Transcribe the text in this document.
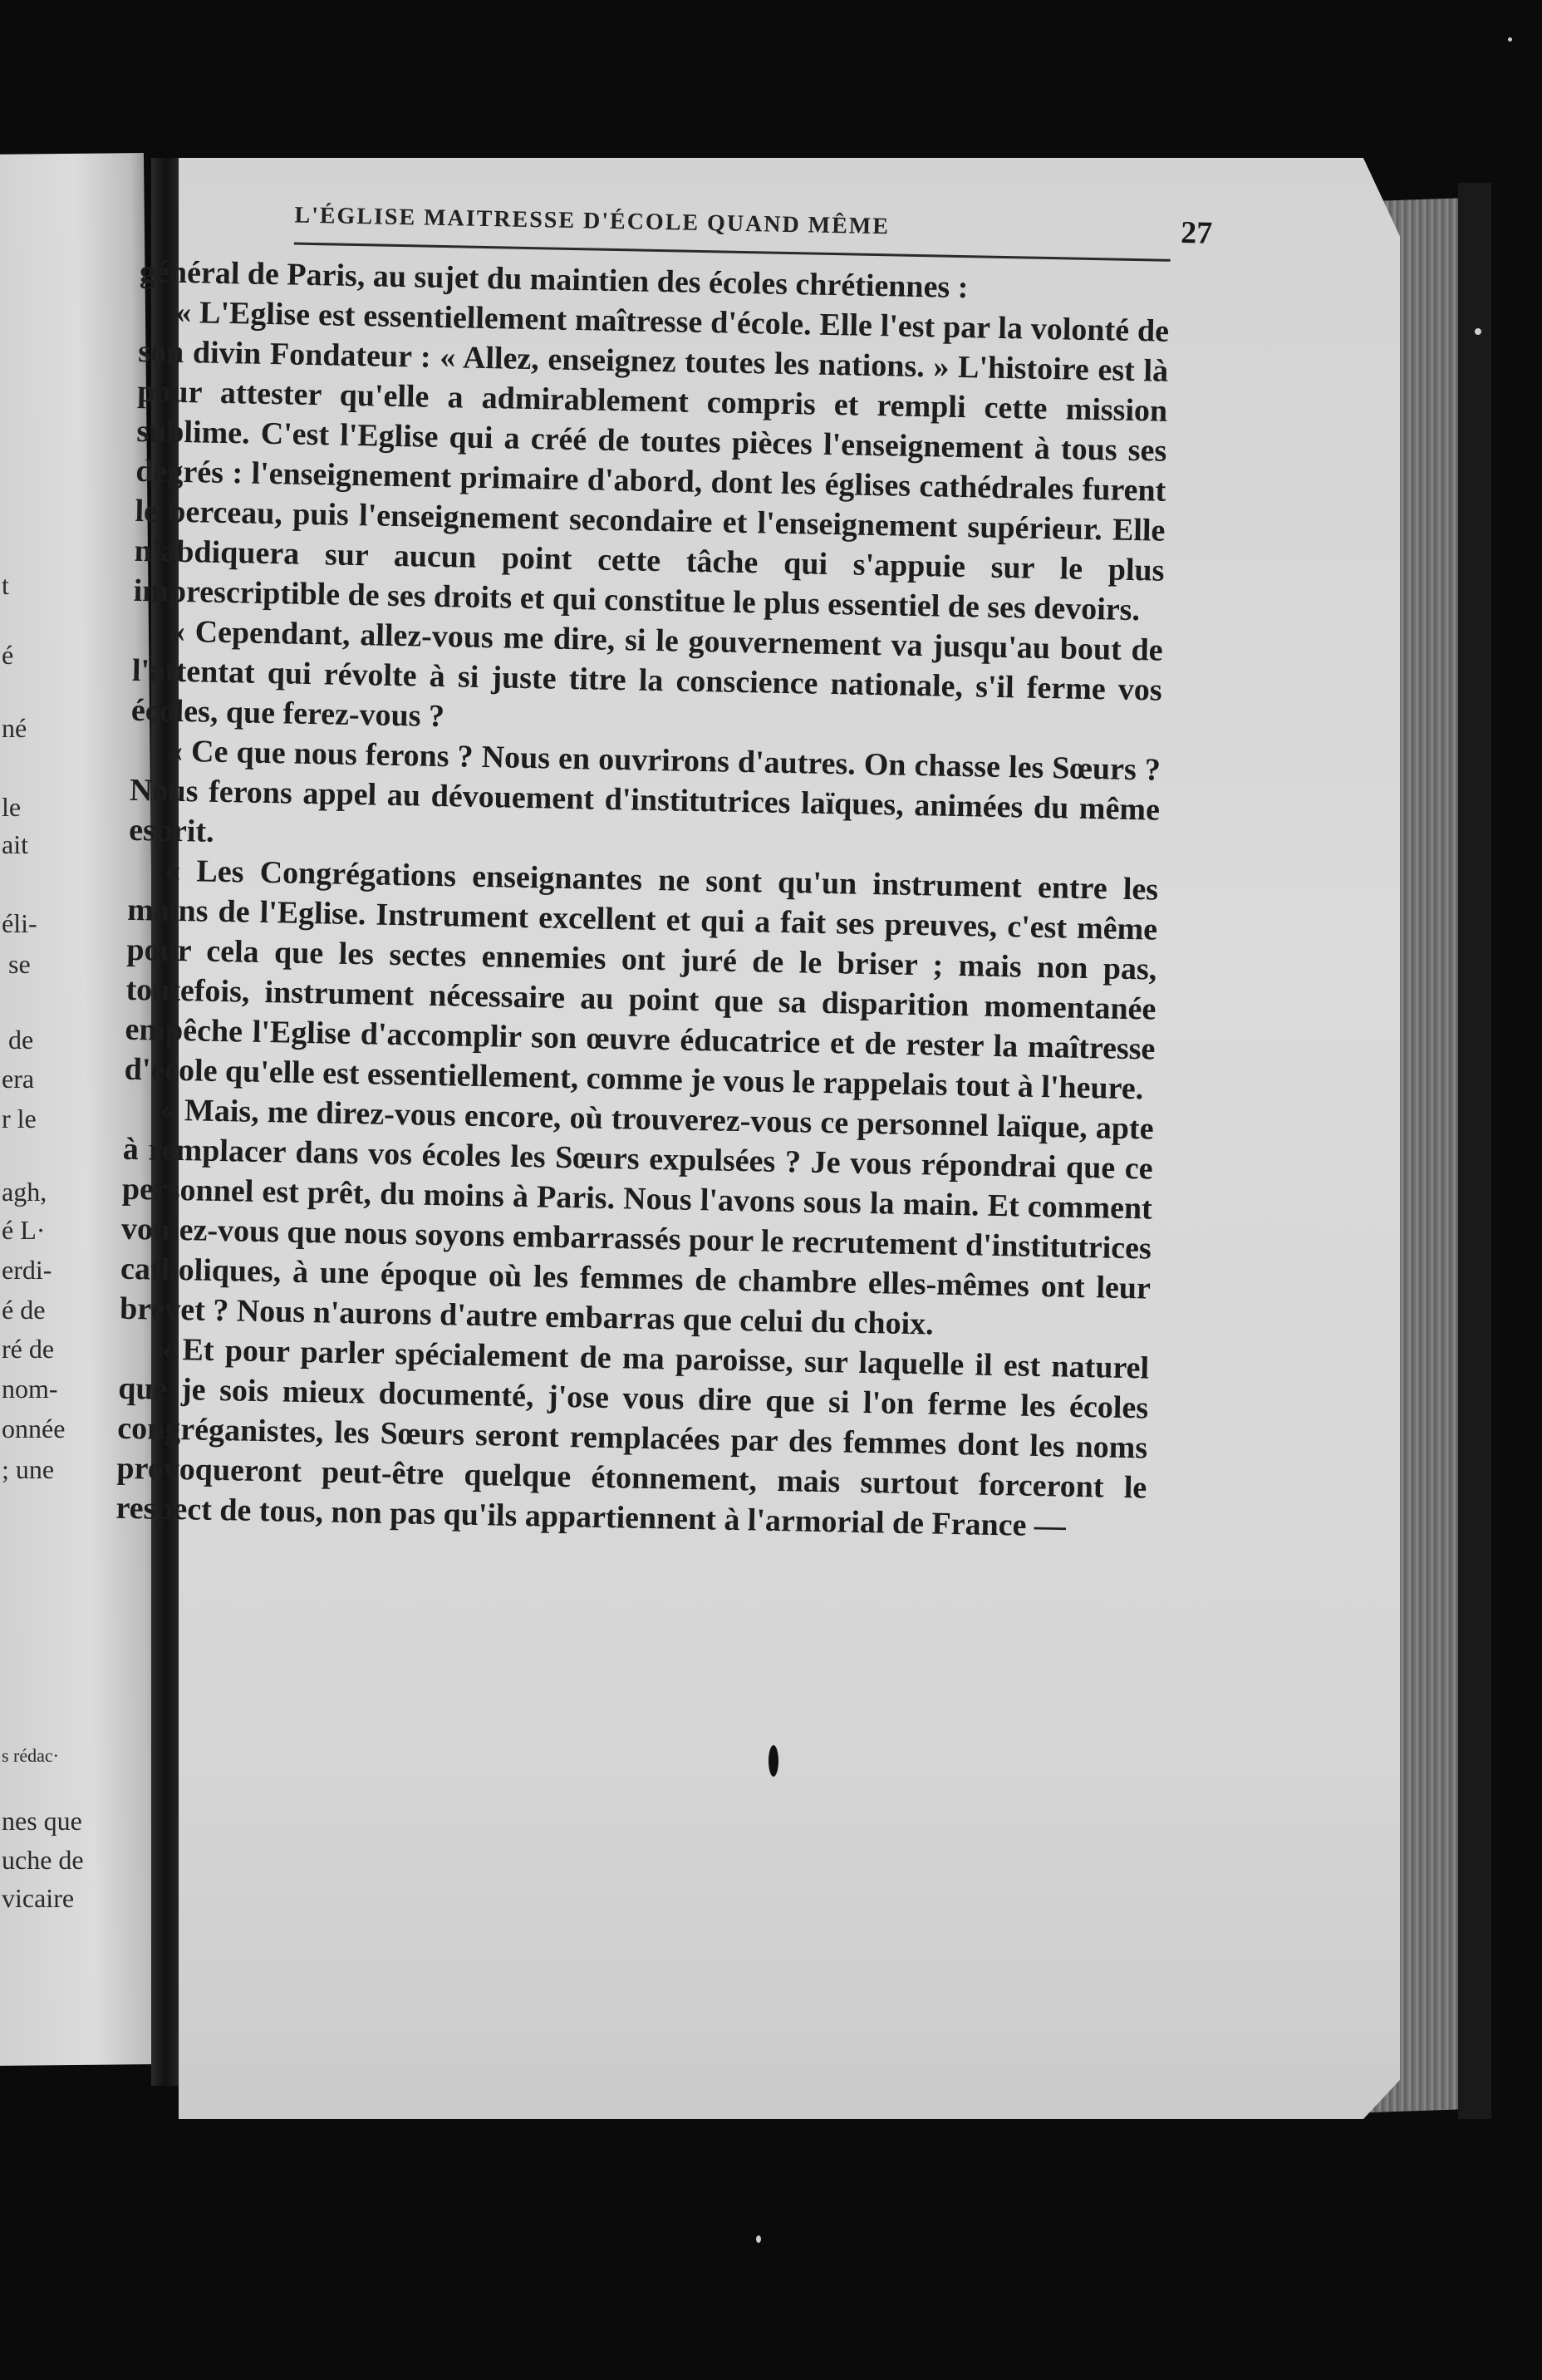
t
é
né
le
ait
éli-
se
de
era
r le
agh,
é L·
erdi-
é de
ré de
nom-
onnée
; une
s rédac·
nes que
uche de
vicaire
L'ÉGLISE MAITRESSE D'ÉCOLE QUAND MÊME	27

général de Paris, au sujet du maintien des écoles chrétiennes :

« L'Eglise est essentiellement maîtresse d'école. Elle l'est par la volonté de son divin Fondateur : « Allez, enseignez toutes les nations. » L'histoire est là pour attester qu'elle a admirablement compris et rempli cette mission sublime. C'est l'Eglise qui a créé de toutes pièces l'enseignement à tous ses degrés : l'enseignement primaire d'abord, dont les églises cathédrales furent le berceau, puis l'enseignement secondaire et l'enseignement supérieur. Elle n'abdiquera sur aucun point cette tâche qui s'appuie sur le plus imprescriptible de ses droits et qui constitue le plus essentiel de ses devoirs.

« Cependant, allez-vous me dire, si le gouvernement va jusqu'au bout de l'attentat qui révolte à si juste titre la conscience nationale, s'il ferme vos écoles, que ferez-vous ?

« Ce que nous ferons ? Nous en ouvrirons d'autres. On chasse les Sœurs ? Nous ferons appel au dévouement d'institutrices laïques, animées du même esprit.

« Les Congrégations enseignantes ne sont qu'un instrument entre les mains de l'Eglise. Instrument excellent et qui a fait ses preuves, c'est même pour cela que les sectes ennemies ont juré de le briser ; mais non pas, toutefois, instrument nécessaire au point que sa disparition momentanée empêche l'Eglise d'accomplir son œuvre éducatrice et de rester la maîtresse d'école qu'elle est essentiellement, comme je vous le rappelais tout à l'heure.

« Mais, me direz-vous encore, où trouverez-vous ce personnel laïque, apte à remplacer dans vos écoles les Sœurs expulsées ? Je vous répondrai que ce personnel est prêt, du moins à Paris. Nous l'avons sous la main. Et comment voulez-vous que nous soyons embarrassés pour le recrutement d'institutrices catholiques, à une époque où les femmes de chambre elles-mêmes ont leur brevet ? Nous n'aurons d'autre embarras que celui du choix.

« Et pour parler spécialement de ma paroisse, sur laquelle il est naturel que je sois mieux documenté, j'ose vous dire que si l'on ferme les écoles congréganistes, les Sœurs seront remplacées par des femmes dont les noms provoqueront peut-être quelque étonnement, mais surtout forceront le respect de tous, non pas qu'ils appartiennent à l'armorial de France —
